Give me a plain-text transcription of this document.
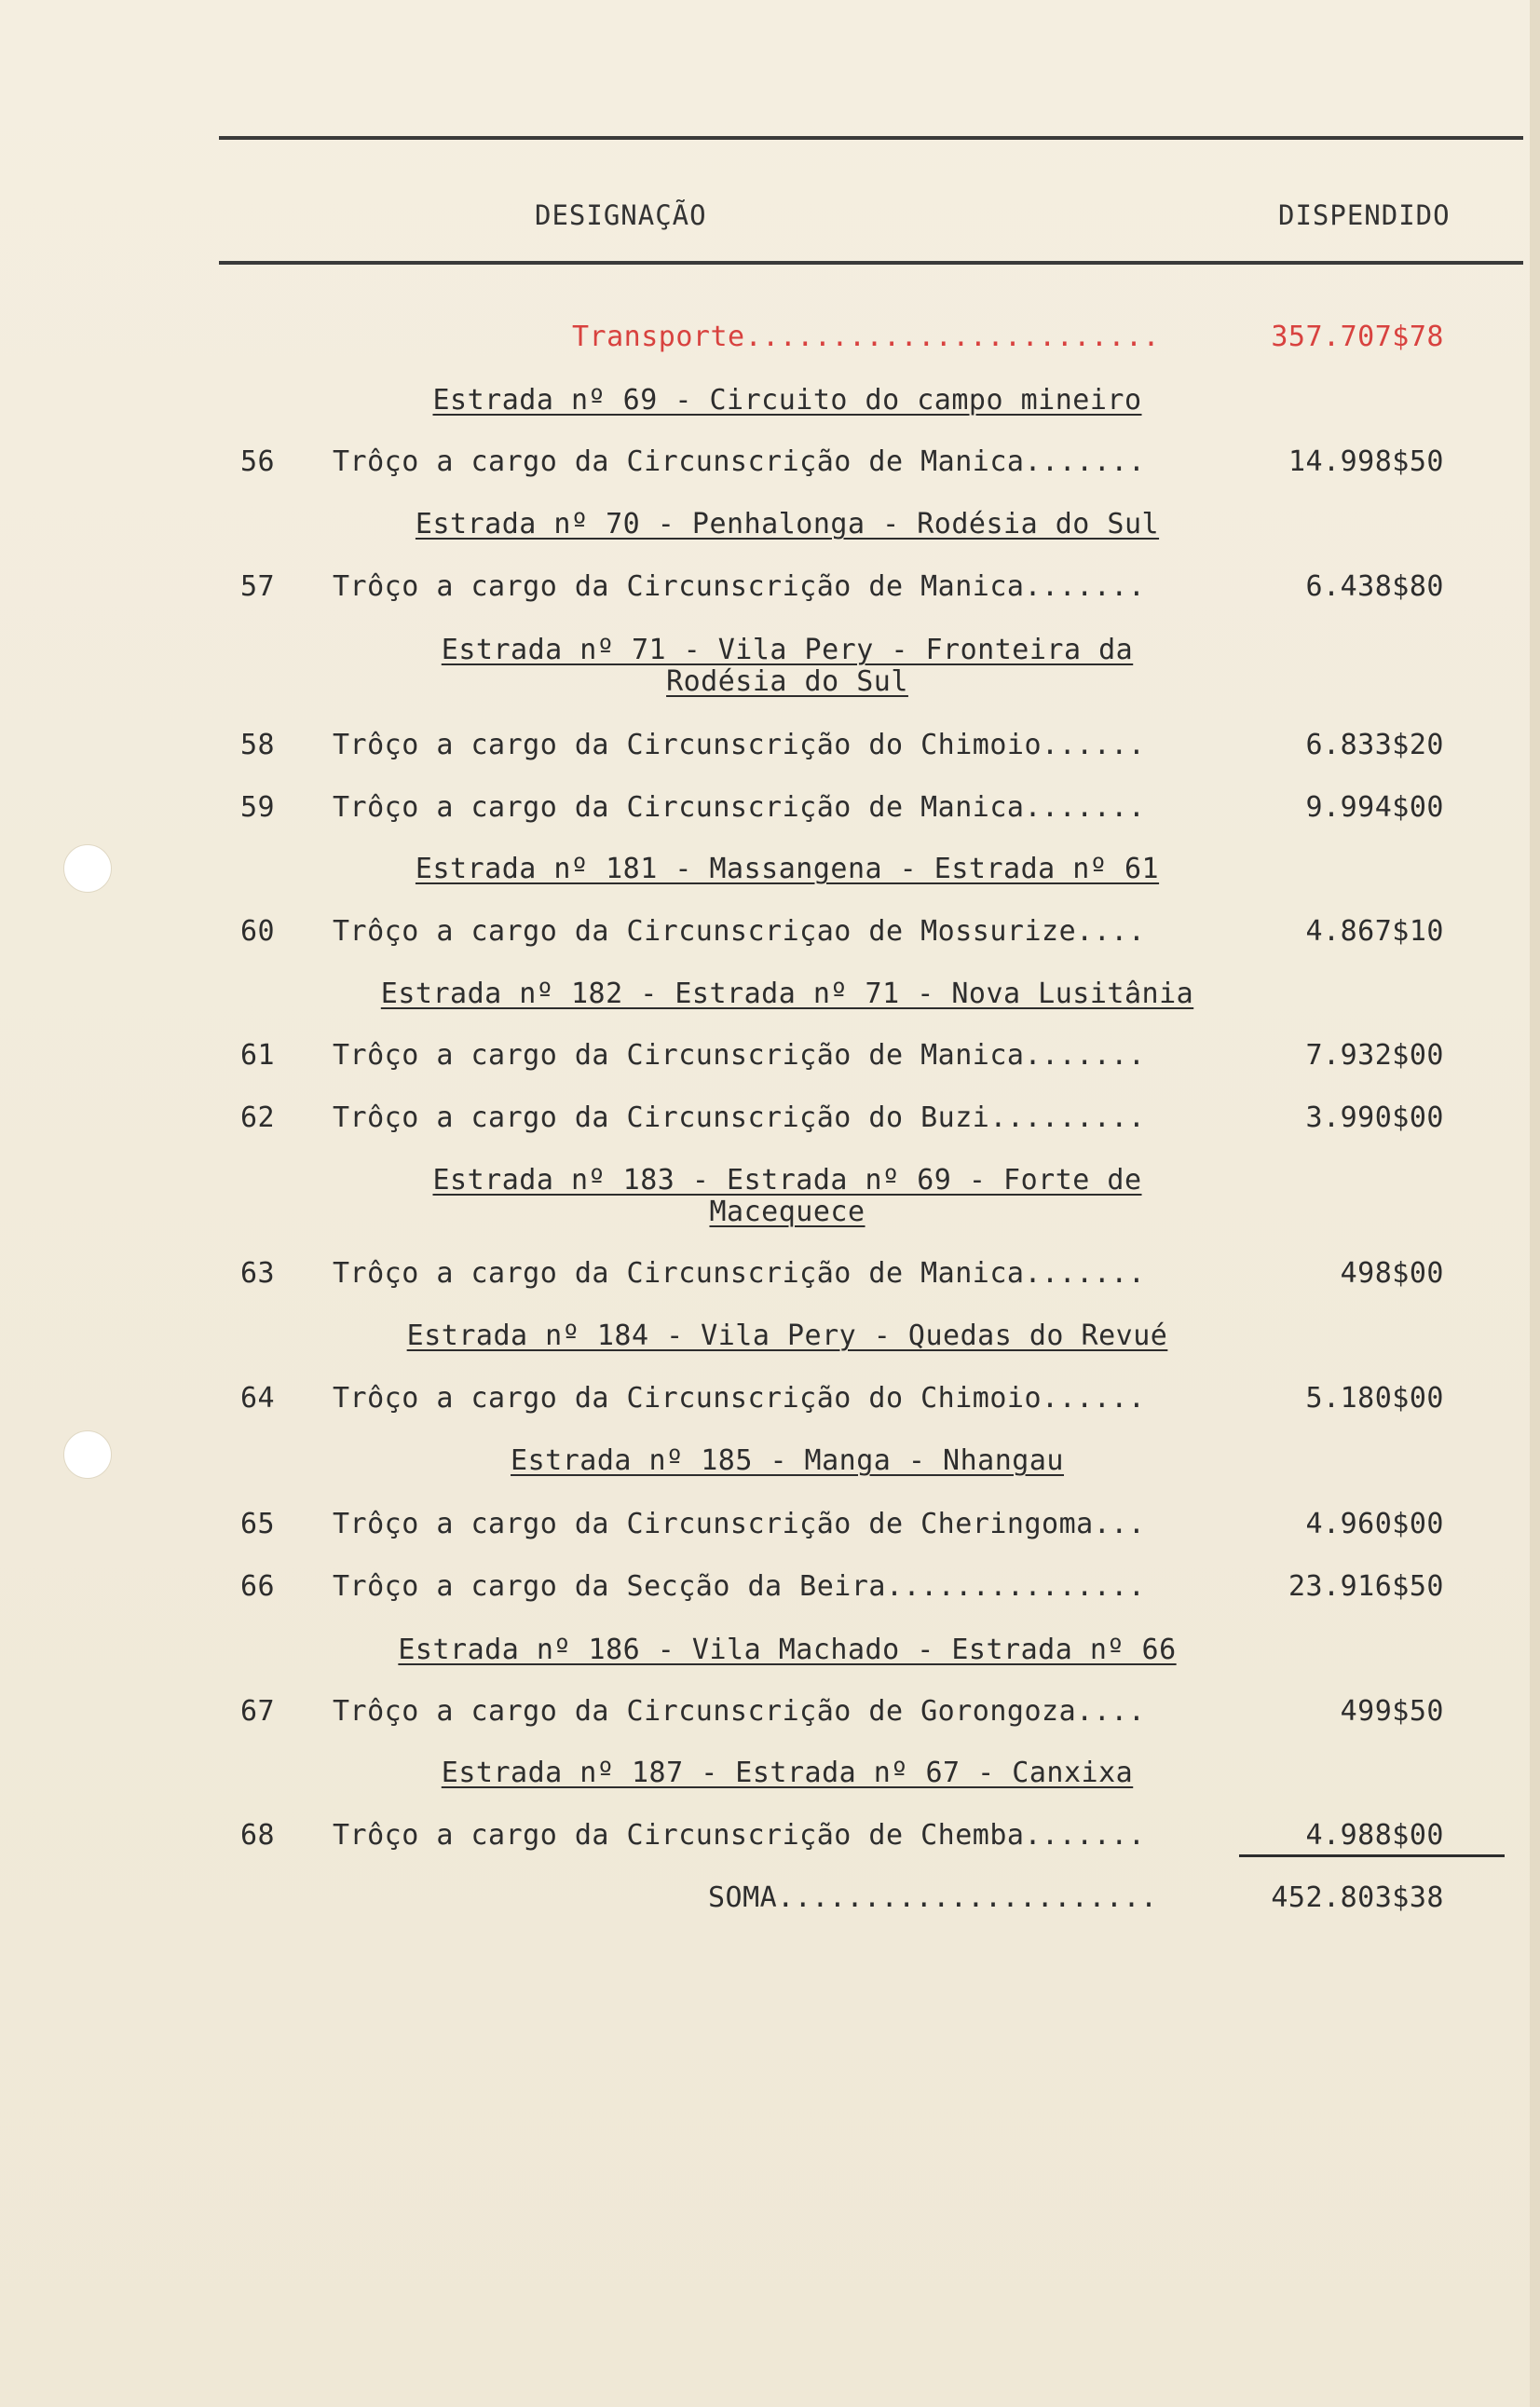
DESIGNAÇÃO	DISPENDIDO
Transporte........................	357.707$78
Estrada nº 69 - Circuito do campo mineiro
56 Trôço a cargo da Circunscrição de Manica.......	14.998$50
Estrada nº 70 - Penhalonga - Rodésia do Sul
57 Trôço a cargo da Circunscrição de Manica.......	6.438$80
Estrada nº 71 - Vila Pery - Fronteira da
Rodésia do Sul
58 Trôço a cargo da Circunscrição do Chimoio......	6.833$20
59 Trôço a cargo da Circunscrição de Manica.......	9.994$00
Estrada nº 181 - Massangena - Estrada nº 61
60 Trôço a cargo da Circunscriçao de Mossurize....	4.867$10
Estrada nº 182 - Estrada nº 71 - Nova Lusitânia
61 Trôço a cargo da Circunscrição de Manica.......	7.932$00
62 Trôço a cargo da Circunscrição do Buzi.........	3.990$00
Estrada nº 183 - Estrada nº 69 - Forte de
Macequece
63 Trôço a cargo da Circunscrição de Manica.......	498$00
Estrada nº 184 - Vila Pery - Quedas do Revué
64 Trôço a cargo da Circunscrição do Chimoio......	5.180$00
Estrada nº 185 - Manga - Nhangau
65 Trôço a cargo da Circunscrição de Cheringoma...	4.960$00
66 Trôço a cargo da Secção da Beira...............	23.916$50
Estrada nº 186 - Vila Machado - Estrada nº 66
67 Trôço a cargo da Circunscrição de Gorongoza....	499$50
Estrada nº 187 - Estrada nº 67 - Canxixa
68 Trôço a cargo da Circunscrição de Chemba.......	4.988$00
SOMA......................	452.803$38
